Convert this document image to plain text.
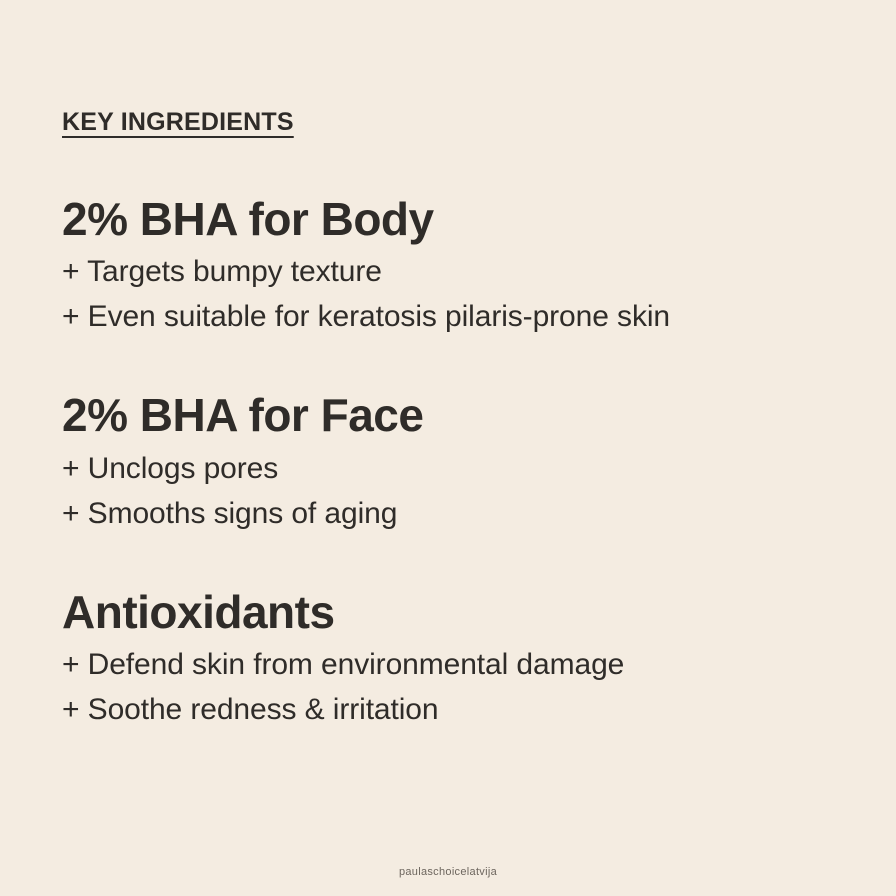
KEY INGREDIENTS
2% BHA for Body

+ Targets bumpy texture

+ Even suitable for keratosis pilaris-prone skin

2% BHA for Face

+ Unclogs pores

+ Smooths signs of aging

Antioxidants

+ Defend skin from environmental damage

+ Soothe redness & irritation

paulaschoicelatvija
